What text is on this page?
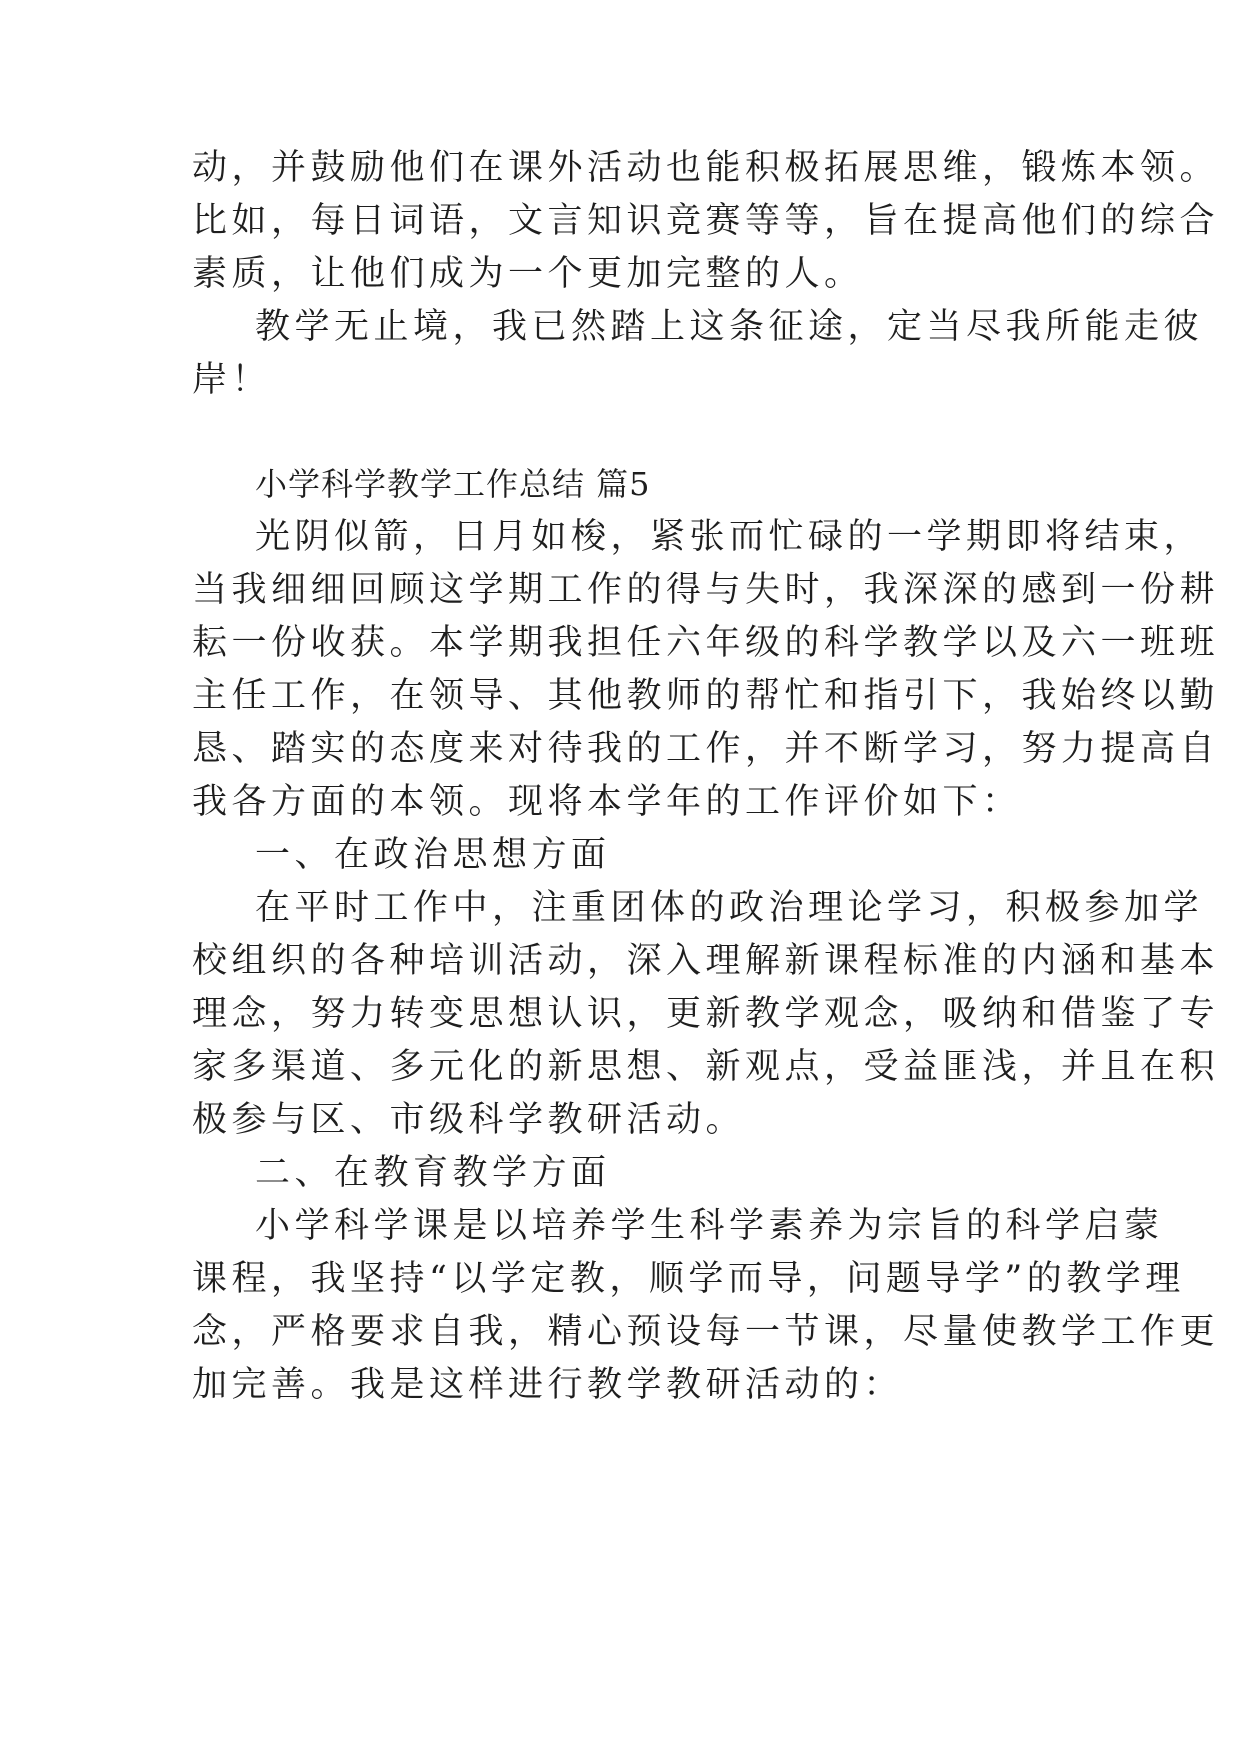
动，并鼓励他们在课外活动也能积极拓展思维，锻炼本领。
比如，每日词语，文言知识竞赛等等，旨在提高他们的综合
素质，让他们成为一个更加完整的人。
教学无止境，我已然踏上这条征途，定当尽我所能走彼
岸！
小学科学教学工作总结 篇5
光阴似箭，日月如梭，紧张而忙碌的一学期即将结束，
当我细细回顾这学期工作的得与失时，我深深的感到一份耕
耘一份收获。本学期我担任六年级的科学教学以及六一班班
主任工作，在领导、其他教师的帮忙和指引下，我始终以勤
恳、踏实的态度来对待我的工作，并不断学习，努力提高自
我各方面的本领。现将本学年的工作评价如下：
一、在政治思想方面
在平时工作中，注重团体的政治理论学习，积极参加学
校组织的各种培训活动，深入理解新课程标准的内涵和基本
理念，努力转变思想认识，更新教学观念，吸纳和借鉴了专
家多渠道、多元化的新思想、新观点，受益匪浅，并且在积
极参与区、市级科学教研活动。
二、在教育教学方面
小学科学课是以培养学生科学素养为宗旨的科学启蒙
课程，我坚持“以学定教，顺学而导，问题导学”的教学理
念，严格要求自我，精心预设每一节课，尽量使教学工作更
加完善。我是这样进行教学教研活动的：
